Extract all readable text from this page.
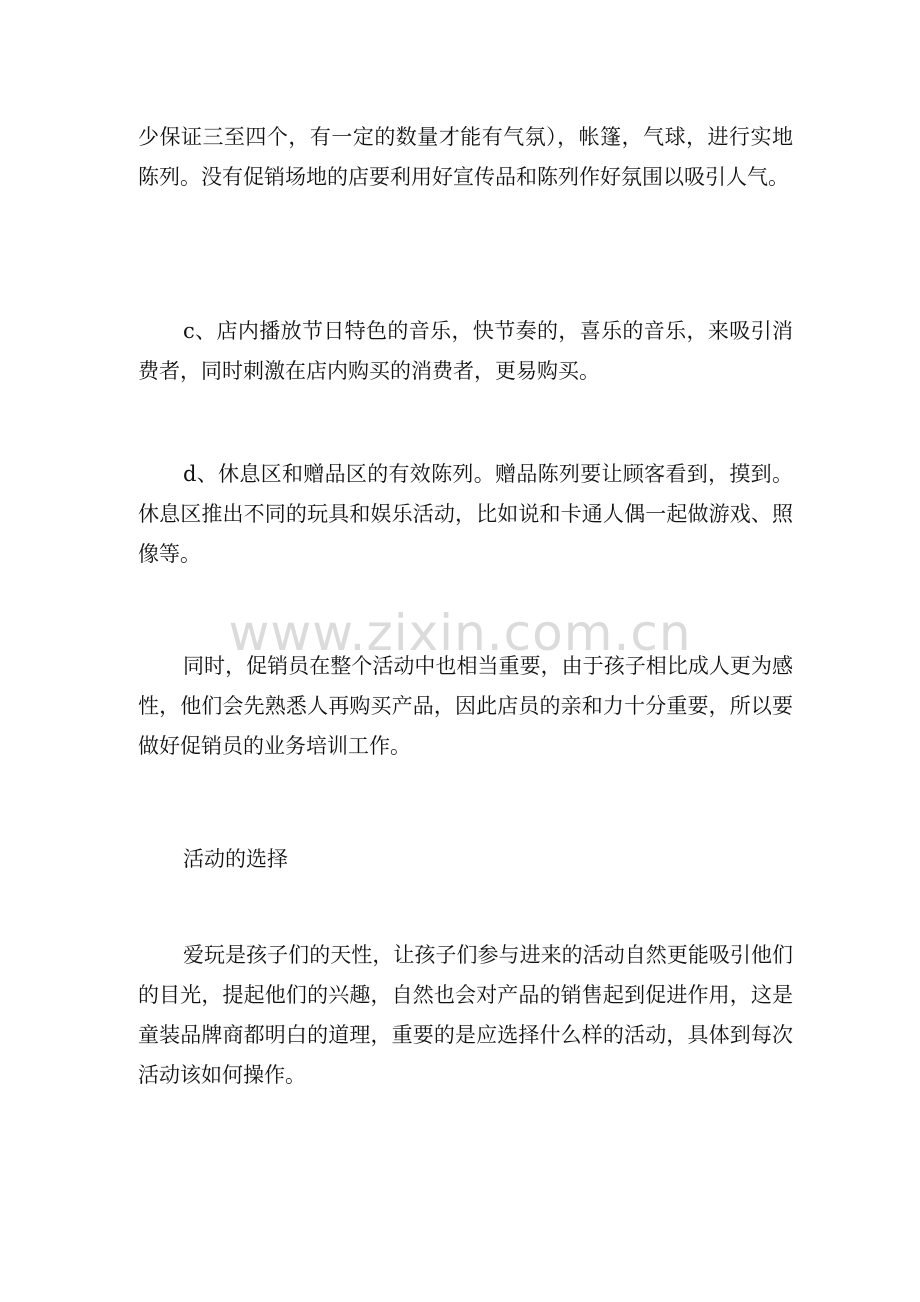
少保证三至四个，有一定的数量才能有气氛），帐篷，气球，进行实地陈列。没有促销场地的店要利用好宣传品和陈列作好氛围以吸引人气。

c、店内播放节日特色的音乐，快节奏的，喜乐的音乐，来吸引消费者，同时刺激在店内购买的消费者，更易购买。

d、休息区和赠品区的有效陈列。赠品陈列要让顾客看到，摸到。休息区推出不同的玩具和娱乐活动，比如说和卡通人偶一起做游戏、照像等。

同时，促销员在整个活动中也相当重要，由于孩子相比成人更为感性，他们会先熟悉人再购买产品，因此店员的亲和力十分重要，所以要做好促销员的业务培训工作。

活动的选择

爱玩是孩子们的天性，让孩子们参与进来的活动自然更能吸引他们的目光，提起他们的兴趣，自然也会对产品的销售起到促进作用，这是童装品牌商都明白的道理，重要的是应选择什么样的活动，具体到每次活动该如何操作。

www.zixin.com.cn
